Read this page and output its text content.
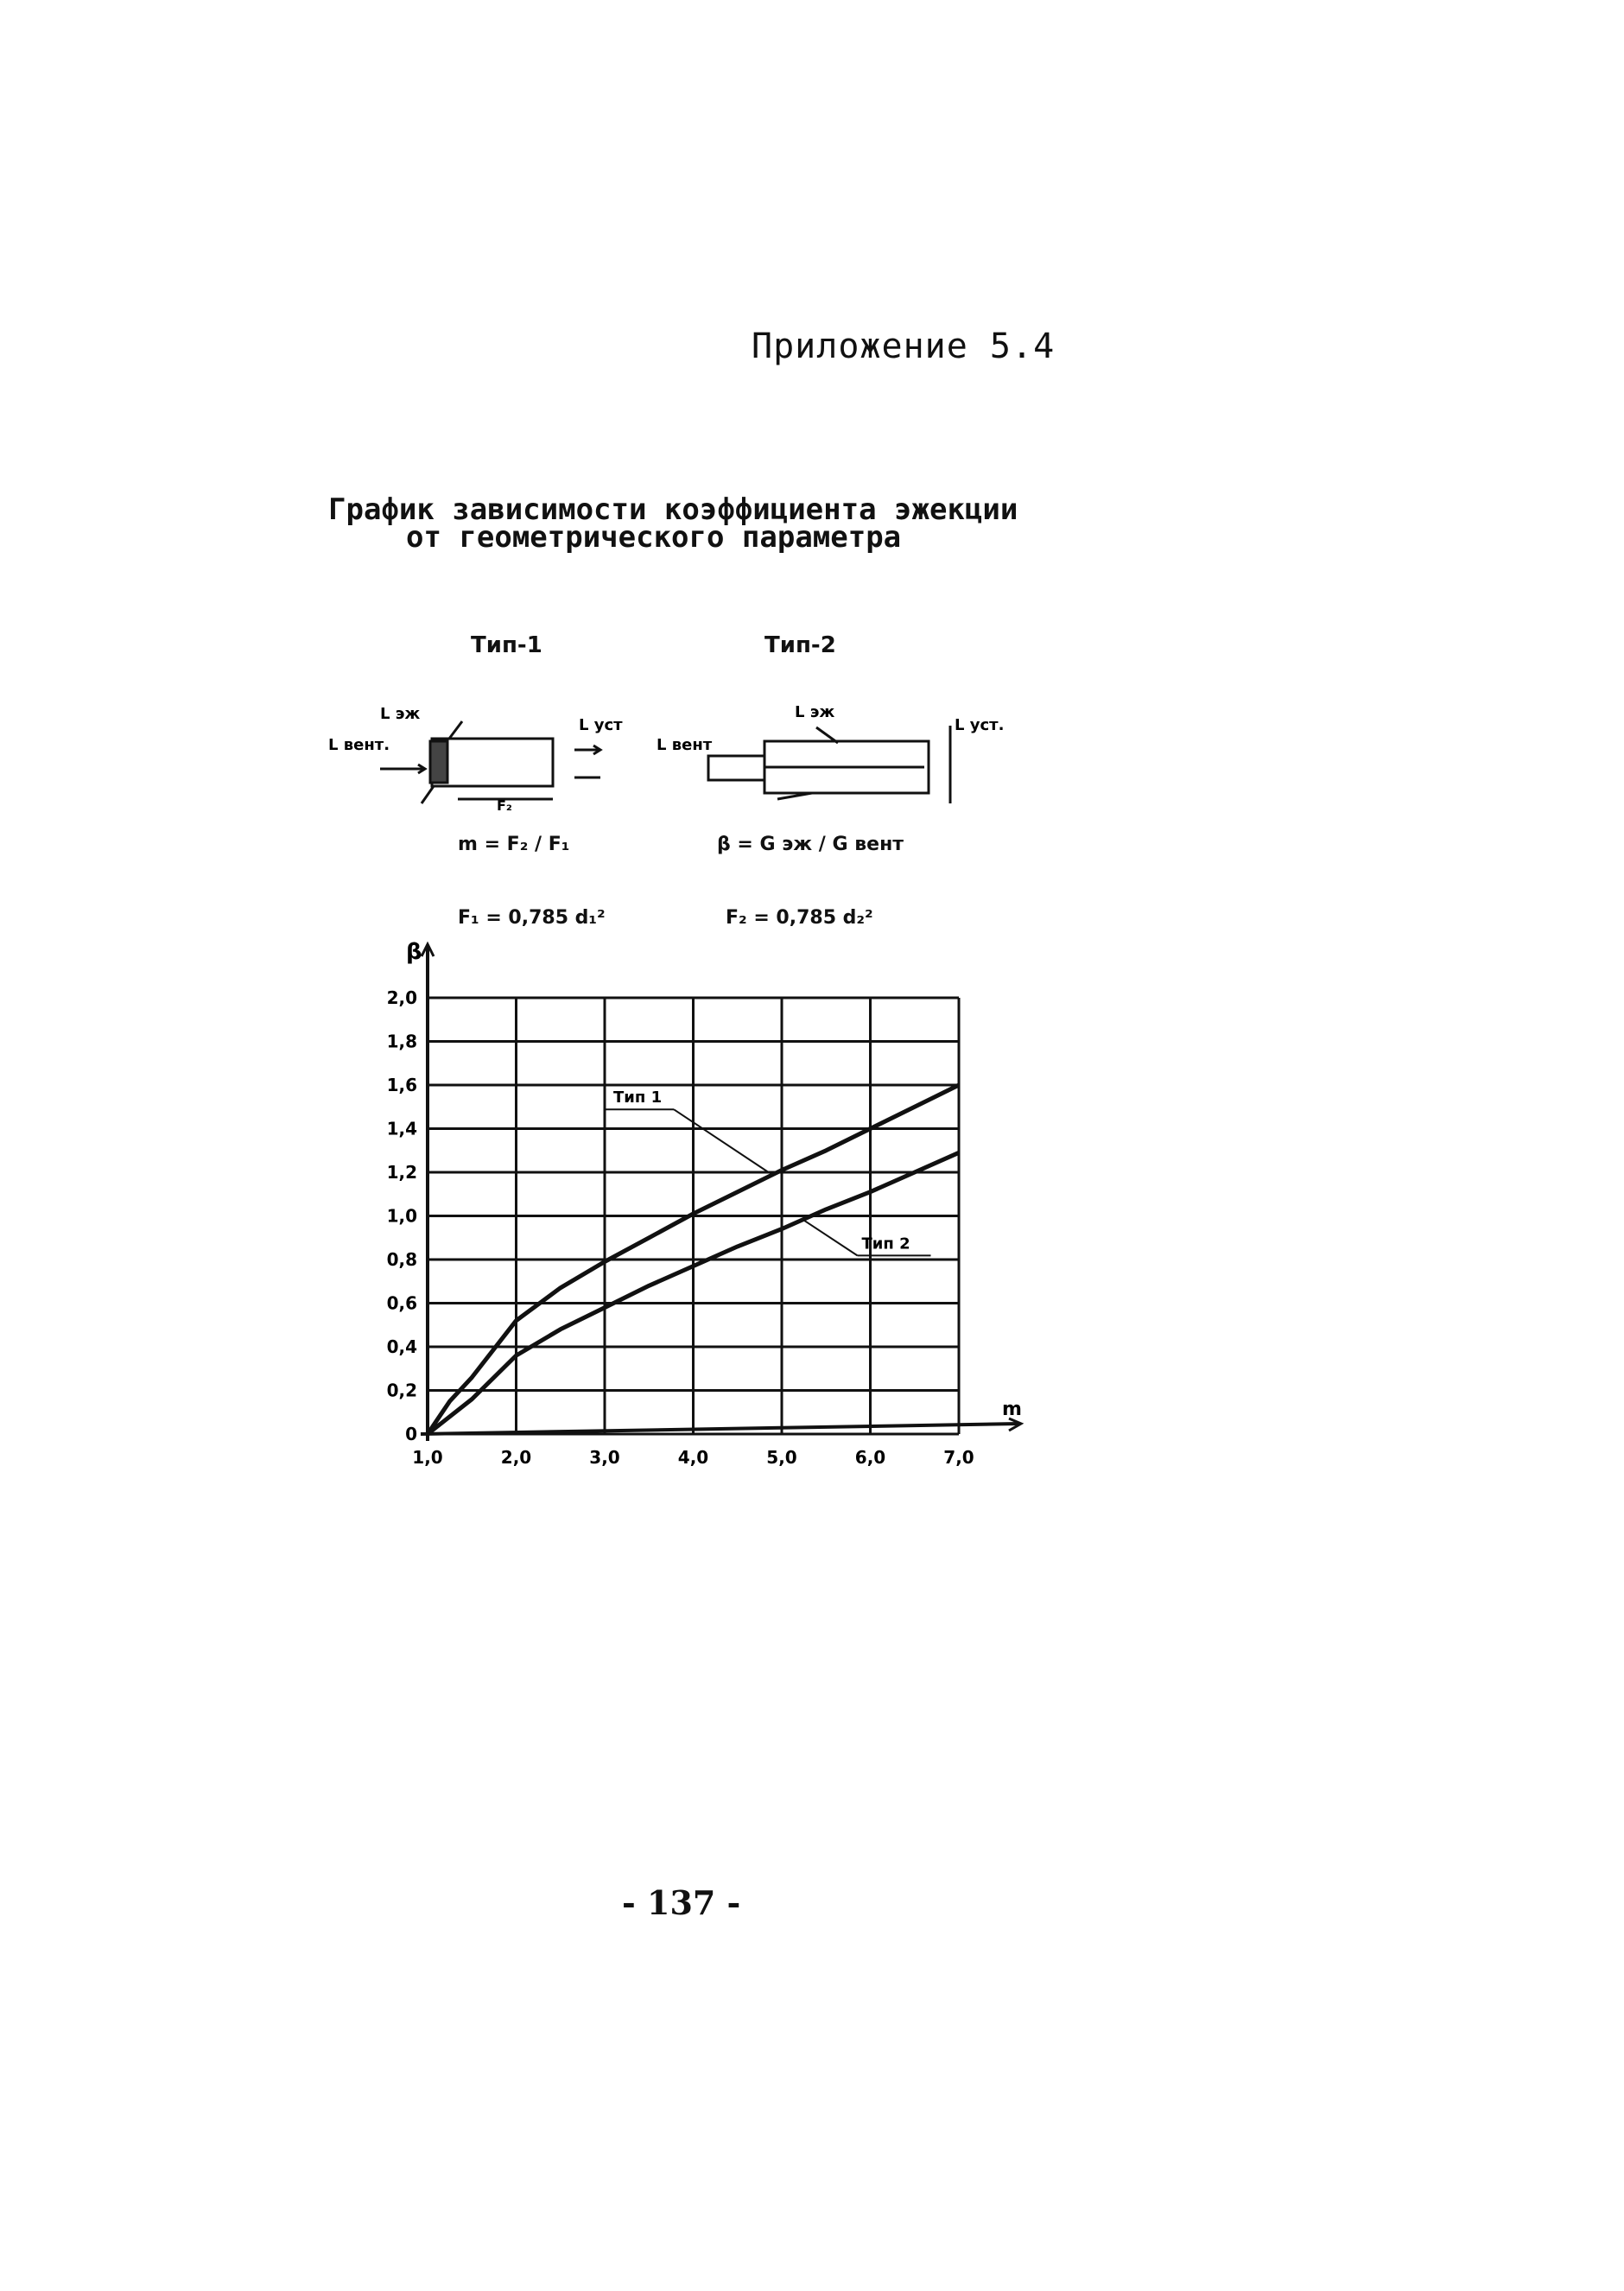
Приложение 5.4
График зависимости коэффициента эжекции
от геометрического параметра
Тип-1	Тип-2
L эж
L вент.
L уст
F₂
L эж
L вент
L уст.
m = F₂ / F₁	β = G эж / G вент
F₁ = 0,785 d₁²	F₂ = 0,785 d₂²
1,0	2,0	3,0	4,0	5,0	6,0	7,0
0
0,2
0,4
0,6
0,8
1,0
1,2
1,4
1,6
1,8
2,0
β
m
Тип 1
Тип 2
- 137 -
